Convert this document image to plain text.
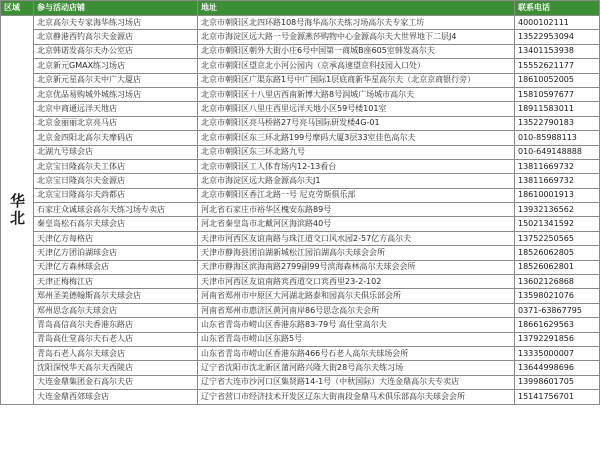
区域	参与活动店铺	地址	联系电话
华北	北京高尔夫专家海华练习场店	北京市朝阳区北四环路108号海华高尔夫练习场高尔夫专家工坊	4000102111
	北京静港西钓高尔夫金源店	北京市海淀区远大路一号金源燕莎购物中心金源高尔夫大世界地下二层J4	13522953094
	北京韩诺发高尔夫办公室店	北京市朝阳区朝外大街小庄6号中国第一商城B座605室韩发高尔夫	13401153938
	北京新元GMAX练习场店	北京市朝阳区望京北小河公园内（京承高速望京科技园入口处）	15552621177
	北京新元星高尔夫中广大厦店	北京市朝阳区广渠东路1号中广国际1层底商新华星高尔夫（北京京商银行旁）	18610052005
	北京优品易购城外城练习场店	北京市朝阳区十八里店西南新博大路8号润城广场城市高尔夫	15810597677
	北京中商通远洋天地店	北京市朝阳区八里庄西里远洋天地小区59号楼101室	18911583011
	北京金丽丽北京亮马店	北京市朝阳区亮马桥路27号亮马国际研发楼4G-01	13522790183
	北京金四阳北高尔夫摩码店	北京市朝阳区东三环北路199号摩码大厦3层33室佳色高尔夫	010-85988113
	北湖九号球会店	北京市朝阳区东三环北路九号	010-649148888
	北京宝日隆高尔夫工体店	北京市朝阳区工人体育场内12-13看台	13811669732
	北京宝日隆高尔夫金源店	北京市海淀区远大路金源高尔夫J1	13811669732
	北京宝日隆高尔夫尚都店	北京市朝阳区香江北路一号 尼克劳斯俱乐部	18610001913
	石家庄众诚球会高尔夫练习场专卖店	河北省石家庄市裕华区槐安东路89号	13932136562
	秦皇岛松石高尔夫球会店	河北省秦皇岛市北戴河区海滨路40号	15021341592
	天津亿方每格店	天津市河西区友谊南路与珠江道交口风水园2-57亿方高尔夫	13752250565
	天津亿方团泊湖球会店	天津市静海县团泊湖新城松江园泊湖高尔夫球会会所	18526062805
	天津亿方森林球会店	天津市静海区滨海南路2799副99号滨海森林高尔夫球会会所	18526062801
	天津正梅梅江店	天津市河西区友谊南路宾西道交口宾西里23-2-102	13602126868
	郑州圣美德翰斯高尔夫球会店	河南省郑州市中原区大河湖北路泰和园高尔夫俱乐部会所	13598021076
	郑州思念高尔夫球会店	河南省郑州市惠济区黄河南岸86号思念高尔夫会所	0371-63867795
	青岛高信高尔夫香港东路店	山东省青岛市崂山区香港东路83-79号 高仕堂高尔夫	18661629563
	青岛高仕堂高尔夫石老人店	山东省青岛市崂山区东路5号	13792291856
	青岛石老人高尔夫球会店	山东省青岛市崂山区香港东路466号石老人高尔夫球场会所	13335000007
	沈阳深悦华天高尔夫西陵店	辽宁省沈阳市沈北新区蒲河路兴隆大街28号高尔夫练习场	13644998696
	大连金鼎集团金石高尔夫店	辽宁省大连市沙河口区集贤路14-1号（中秋国际）大连金鼎高尔夫专卖店	13998601705
	大连金鼎西郊球会店	辽宁省营口市经济技术开发区辽东大街南段金鼎马术俱乐部高尔夫球会会所	15141756701
